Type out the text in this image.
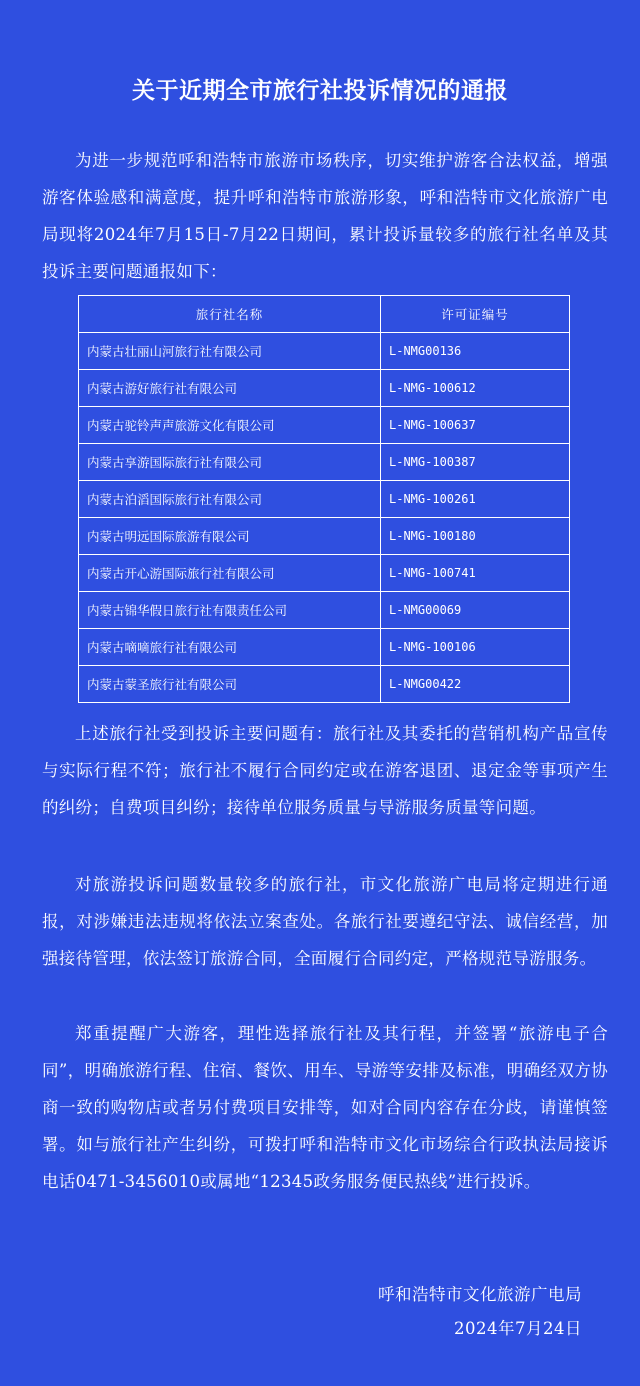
关于近期全市旅行社投诉情况的通报

为进一步规范呼和浩特市旅游市场秩序，切实维护游客合法权益，增强游客体验感和满意度，提升呼和浩特市旅游形象，呼和浩特市文化旅游广电局现将2024年7月15日-7月22日期间，累计投诉量较多的旅行社名单及其投诉主要问题通报如下：

旅行社名称	许可证编号
内蒙古壮丽山河旅行社有限公司	L-NMG00136
内蒙古游好旅行社有限公司	L-NMG-100612
内蒙古驼铃声声旅游文化有限公司	L-NMG-100637
内蒙古享游国际旅行社有限公司	L-NMG-100387
内蒙古泊滔国际旅行社有限公司	L-NMG-100261
内蒙古明远国际旅游有限公司	L-NMG-100180
内蒙古开心游国际旅行社有限公司	L-NMG-100741
内蒙古锦华假日旅行社有限责任公司	L-NMG00069
内蒙古嘀嘀旅行社有限公司	L-NMG-100106
内蒙古蒙圣旅行社有限公司	L-NMG00422

上述旅行社受到投诉主要问题有：旅行社及其委托的营销机构产品宣传与实际行程不符；旅行社不履行合同约定或在游客退团、退定金等事项产生的纠纷；自费项目纠纷；接待单位服务质量与导游服务质量等问题。

对旅游投诉问题数量较多的旅行社，市文化旅游广电局将定期进行通报，对涉嫌违法违规将依法立案查处。各旅行社要遵纪守法、诚信经营，加强接待管理，依法签订旅游合同，全面履行合同约定，严格规范导游服务。

郑重提醒广大游客，理性选择旅行社及其行程，并签署“旅游电子合同”，明确旅游行程、住宿、餐饮、用车、导游等安排及标准，明确经双方协商一致的购物店或者另付费项目安排等，如对合同内容存在分歧，请谨慎签署。如与旅行社产生纠纷，可拨打呼和浩特市文化市场综合行政执法局接诉电话0471-3456010或属地“12345政务服务便民热线”进行投诉。

呼和浩特市文化旅游广电局
2024年7月24日
